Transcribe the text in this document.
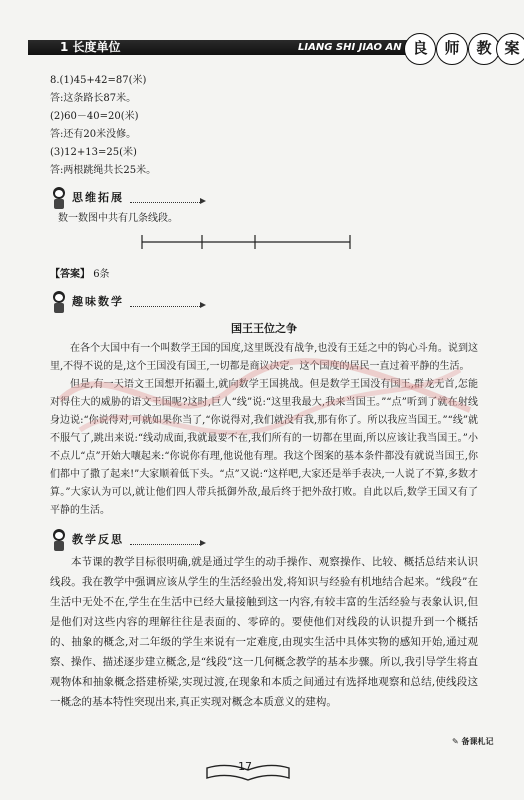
1 长度单位	LIANG SHI JIAO AN 良	师	教 案
8.(1)45+42=87(米)
答:这条路长87米。
(2)60－40=20(米)
答:还有20米没修。
(3)12+13=25(米)
答:两根跳绳共长25米。
思维拓展
数一数图中共有几条线段。
【答案】 6条
趣味数学
国王王位之争
在各个大国中有一个叫数学王国的国度,这里既没有战争,也没有王廷之中的钩心斗角。说到这里,不得不说的是,这个王国没有国王,一切都是商议决定。这个国度的居民一直过着平静的生活。
但是,有一天语文王国想开拓疆土,就向数学王国挑战。但是数学王国没有国王,群龙无首,怎能对得住大的威胁的语文王国呢?这时,巨人“线”说:“这里我最大,我来当国王。”“点”听到了就在射线身边说:“你说得对,可就如果你当了,“你说得对,我们就没有我,那有你了。所以我应当国王。”“线”就不服气了,跳出来说:“线动成面,我就最要不在,我们所有的一切都在里面,所以应该让我当国王。”小不点儿“点”开始大嚷起来:“你说你有理,他说他有理。我这个图案的基本条件都没有就说当国王,你们都中了撒了起来!”大家顺着低下头。“点”又说:“这样吧,大家还是举手表决,一人说了不算,多数才算。”大家认为可以,就让他们四人带兵抵御外敌,最后终于把外敌打败。自此以后,数学王国又有了平静的生活。
教学反思
本节课的教学目标很明确,就是通过学生的动手操作、观察操作、比较、概括总结来认识线段。我在教学中强调应该从学生的生活经验出发,将知识与经验有机地结合起来。“线段”在生活中无处不在,学生在生活中已经大量接触到这一内容,有较丰富的生活经验与表象认识,但是他们对这些内容的理解往往是表面的、零碎的。要使他们对线段的认识提升到一个概括的、抽象的概念,对二年级的学生来说有一定难度,由现实生活中具体实物的感知开始,通过观察、操作、描述逐步建立概念,是“线段”这一几何概念教学的基本步骤。所以,我引导学生将直观物体和抽象概念搭建桥梁,实现过渡,在现象和本质之间通过有选择地观察和总结,使线段这一概念的基本特性突现出来,真正实现对概念本质意义的建构。
✎ 备课札记
17
